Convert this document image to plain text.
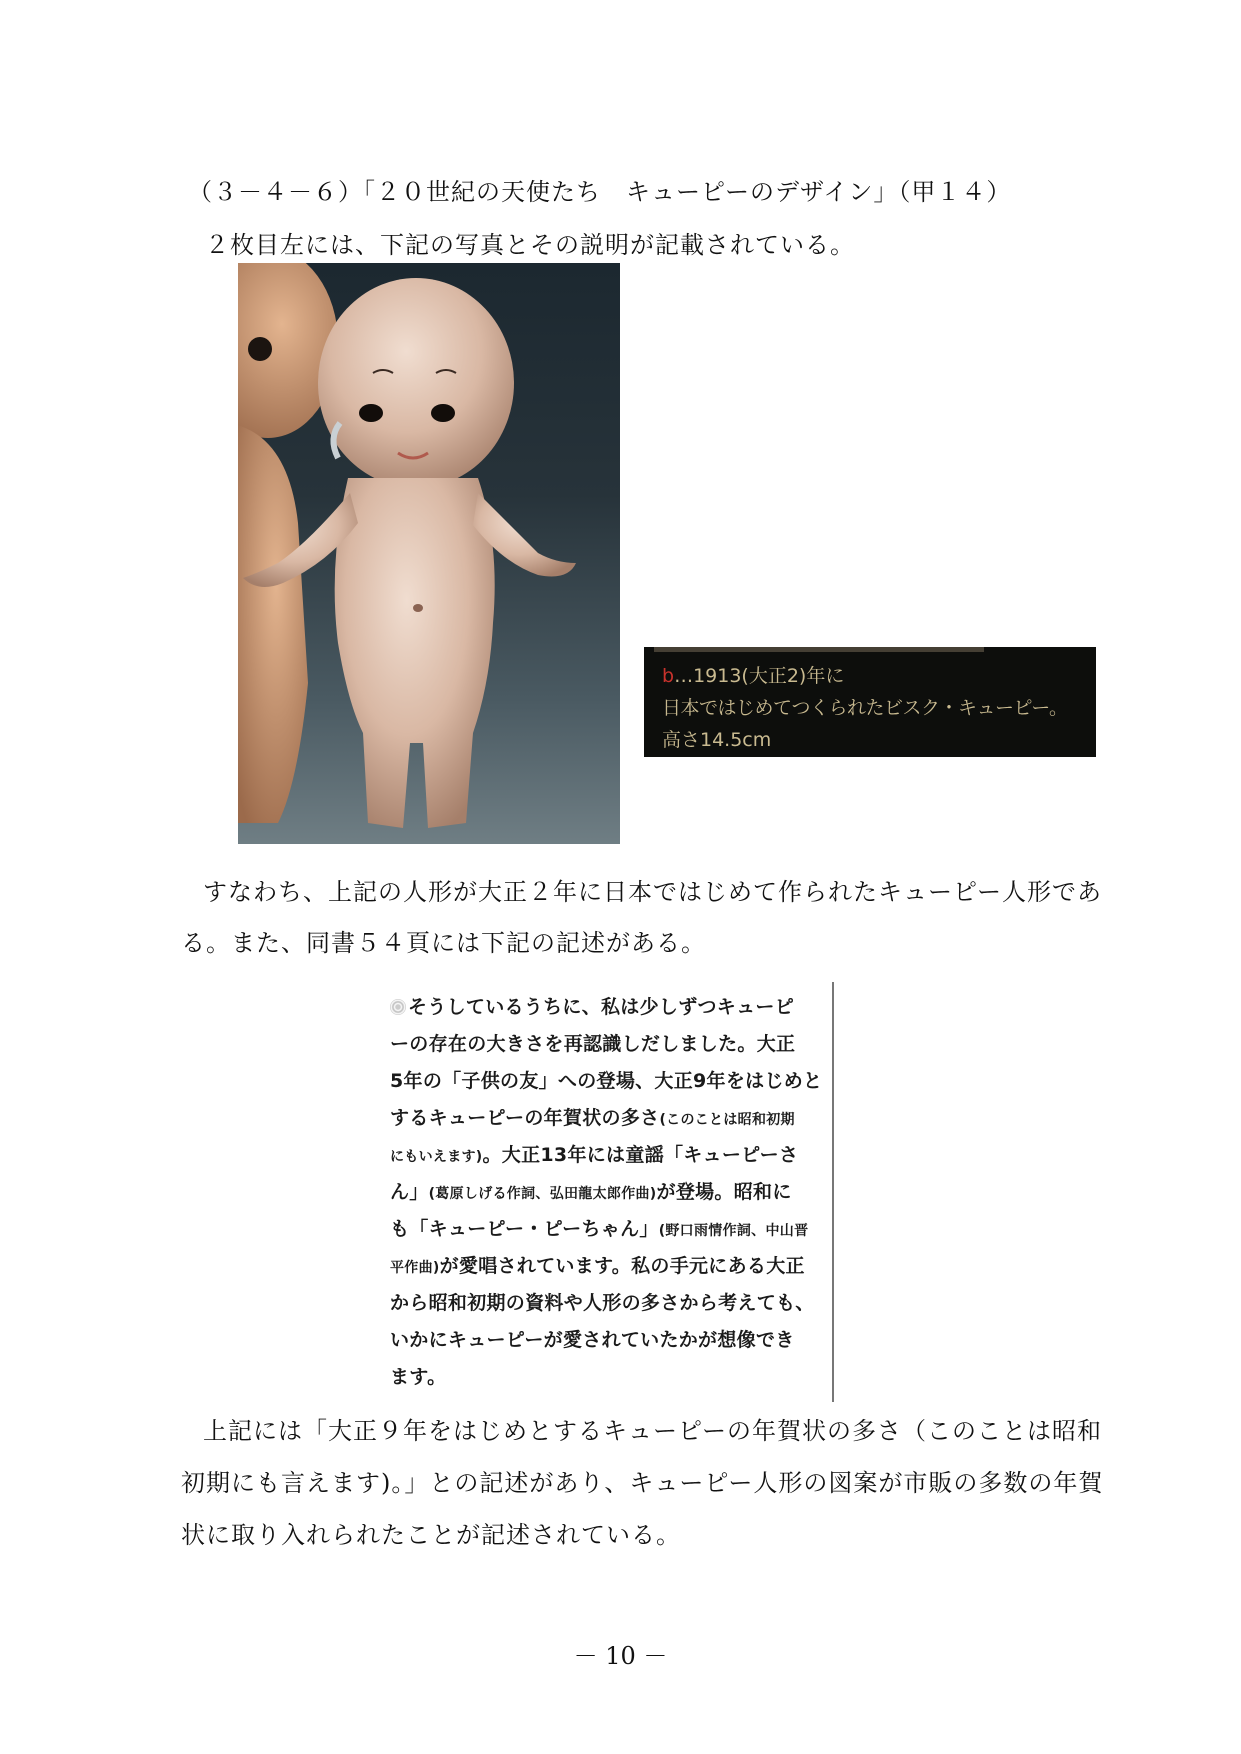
（３－４－６）「２０世紀の天使たち　キューピーのデザイン」（甲１４）
２枚目左には、下記の写真とその説明が記載されている。
b…1913(大正2)年に
日本ではじめてつくられたビスク・キューピー。
高さ14.5cm
すなわち、上記の人形が大正２年に日本ではじめて作られたキューピー人形であ
る。また、同書５４頁には下記の記述がある。
そうしているうちに、私は少しずつキューピ
ーの存在の大きさを再認識しだしました。大正
5年の「子供の友」への登場、大正9年をはじめと
するキューピーの年賀状の多さ(このことは昭和初期
にもいえます)。大正13年には童謡「キューピーさ
ん」(葛原しげる作詞、弘田龍太郎作曲)が登場。昭和に
も「キューピー・ピーちゃん」(野口雨情作詞、中山晋
平作曲)が愛唱されています。私の手元にある大正
から昭和初期の資料や人形の多さから考えても、
いかにキューピーが愛されていたかが想像でき
ます。
上記には「大正９年をはじめとするキューピーの年賀状の多さ（このことは昭和
初期にも言えます)。」との記述があり、キューピー人形の図案が市販の多数の年賀
状に取り入れられたことが記述されている。
－ 10 －
